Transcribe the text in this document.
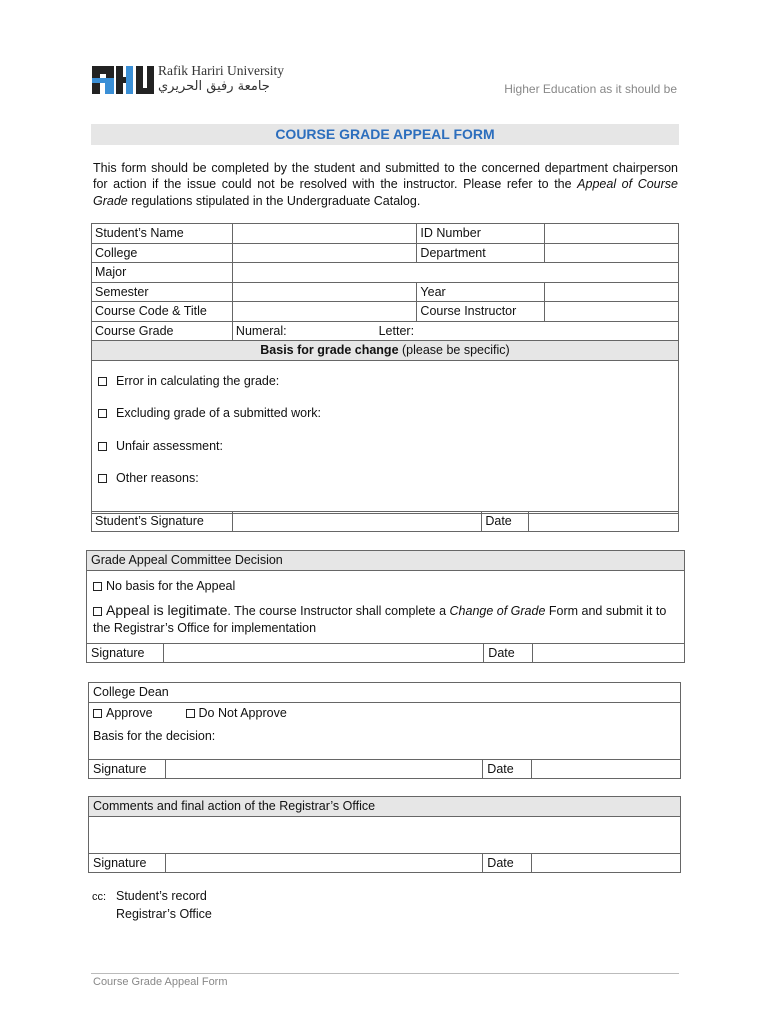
Rafik Hariri University
جامعة رفيق الحريري	Higher Education as it should be
COURSE GRADE APPEAL FORM
This form should be completed by the student and submitted to the concerned department chairperson for action if the issue could not be resolved with the instructor. Please refer to the Appeal of Course Grade regulations stipulated in the Undergraduate Catalog.
Student’s Name		ID Number	
College		Department	
Major			
Semester		Year	
Course Code & Title		Course Instructor	
Course Grade	Numeral: Letter:		
Basis for grade change (please be specific)			

Error in calculating the grade:
Excluding grade of a submitted work:
Unfair assessment:
Other reasons:			
Student’s Signature		Date	
Grade Appeal Committee Decision

No basis for the Appeal
Appeal is legitimate. The course Instructor shall complete a Change of Grade Form and submit it to the Registrar’s Office for implementation

Signature		Date	
College Dean

Approve	Do Not Approve
Basis for the decision:

Signature		Date	
Comments and final action of the Registrar’s Office

Signature		Date	
cc: Student’s record
Registrar’s Office
Course Grade Appeal Form
